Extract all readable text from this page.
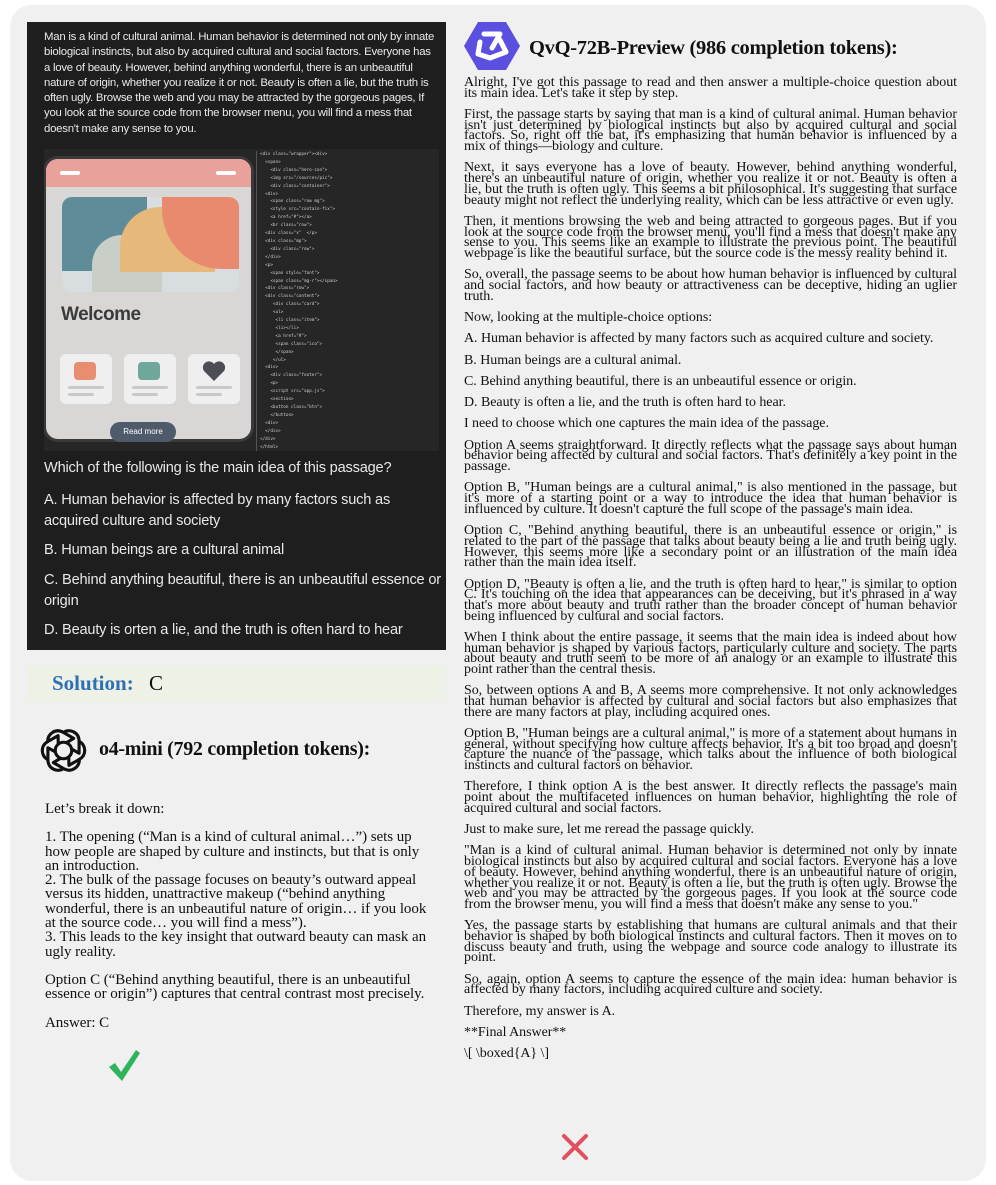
Man is a kind of cultural animal. Human behavior is determined not only by innate biological instincts, but also by acquired cultural and social factors. Everyone has a love of beauty. However, behind anything wonderful, there is an unbeautiful nature of origin, whether you realize it or not. Beauty is often a lie, but the truth is often ugly. Browse the web and you may be attracted by the gorgeous pages, If you look at the source code from the browser menu, you will find a mess that doesn't make any sense to you.

Welcome
Read more
<div class="wrapper"><div>
<span>
<div class="hero-con">
<img src="/sources/pic">
<div class="container">
<div>
<span class="row mg">
<style src="contain-fix">
<a href="#"></a>
<br class="row">
<div class="x"  </p>
<div class="mp">
<div class="row">
</div>
<p>
<span style="font">
<span class="mg-r"></span>
<div class="row">
<div class="content">
<div class="card">
<ul>
<li class="item">
<li></li>
<a href="#">
<span class="ico">
</span>
</ul>
<div>
<div class="footer">
<p>
<script src="app.js">
<section>
<button class="btn">
</button>
<div>
</div>
</div>
</html>
Which of the following is the main idea of this passage?
A. Human behavior is affected by many factors such as acquired culture and society
B. Human beings are a cultural animal
C. Behind anything beautiful, there is an unbeautiful essence or origin
D. Beauty is orten a lie, and the truth is often hard to hear
Solution: C
o4-mini (792 completion tokens):

Let’s break it down:

1. The opening (“Man is a kind of cultural animal…”) sets up how people are shaped by culture and instincts, but that is only an introduction.

2. The bulk of the passage focuses on beauty’s outward appeal versus its hidden, unattractive makeup (“behind anything wonderful, there is an unbeautiful nature of origin… if you look at the source code… you will find a mess”).

3. This leads to the key insight that outward beauty can mask an ugly reality.

Option C (“Behind anything beautiful, there is an unbeautiful essence or origin”) captures that central contrast most precisely.

Answer: C

QvQ-72B-Preview (986 completion tokens):

Alright, I've got this passage to read and then answer a multiple-choice question about its main idea. Let's take it step by step.

First, the passage starts by saying that man is a kind of cultural animal. Human behavior isn't just determined by biological instincts but also by acquired cultural and social factors. So, right off the bat, it's emphasizing that human behavior is influenced by a mix of things—biology and culture.

Next, it says everyone has a love of beauty. However, behind anything wonderful, there's an unbeautiful nature of origin, whether you realize it or not. Beauty is often a lie, but the truth is often ugly. This seems a bit philosophical. It's suggesting that surface beauty might not reflect the underlying reality, which can be less attractive or even ugly.

Then, it mentions browsing the web and being attracted to gorgeous pages. But if you look at the source code from the browser menu, you'll find a mess that doesn't make any sense to you. This seems like an example to illustrate the previous point. The beautiful webpage is like the beautiful surface, but the source code is the messy reality behind it.

So, overall, the passage seems to be about how human behavior is influenced by cultural and social factors, and how beauty or attractiveness can be deceptive, hiding an uglier truth.

Now, looking at the multiple-choice options:

A. Human behavior is affected by many factors such as acquired culture and society.

B. Human beings are a cultural animal.

C. Behind anything beautiful, there is an unbeautiful essence or origin.

D. Beauty is often a lie, and the truth is often hard to hear.

I need to choose which one captures the main idea of the passage.

Option A seems straightforward. It directly reflects what the passage says about human behavior being affected by cultural and social factors. That's definitely a key point in the passage.

Option B, "Human beings are a cultural animal," is also mentioned in the passage, but it's more of a starting point or a way to introduce the idea that human behavior is influenced by culture. It doesn't capture the full scope of the passage's main idea.

Option C, "Behind anything beautiful, there is an unbeautiful essence or origin," is related to the part of the passage that talks about beauty being a lie and truth being ugly. However, this seems more like a secondary point or an illustration of the main idea rather than the main idea itself.

Option D, "Beauty is often a lie, and the truth is often hard to hear," is similar to option C. It's touching on the idea that appearances can be deceiving, but it's phrased in a way that's more about beauty and truth rather than the broader concept of human behavior being influenced by cultural and social factors.

When I think about the entire passage, it seems that the main idea is indeed about how human behavior is shaped by various factors, particularly culture and society. The parts about beauty and truth seem to be more of an analogy or an example to illustrate this point rather than the central thesis.

So, between options A and B, A seems more comprehensive. It not only acknowledges that human behavior is affected by cultural and social factors but also emphasizes that there are many factors at play, including acquired ones.

Option B, "Human beings are a cultural animal," is more of a statement about humans in general, without specifying how culture affects behavior. It's a bit too broad and doesn't capture the nuance of the passage, which talks about the influence of both biological instincts and cultural factors on behavior.

Therefore, I think option A is the best answer. It directly reflects the passage's main point about the multifaceted influences on human behavior, highlighting the role of acquired cultural and social factors.

Just to make sure, let me reread the passage quickly.

"Man is a kind of cultural animal. Human behavior is determined not only by innate biological instincts but also by acquired cultural and social factors. Everyone has a love of beauty. However, behind anything wonderful, there is an unbeautiful nature of origin, whether you realize it or not. Beauty is often a lie, but the truth is often ugly. Browse the web and you may be attracted by the gorgeous pages. If you look at the source code from the browser menu, you will find a mess that doesn't make any sense to you."

Yes, the passage starts by establishing that humans are cultural animals and that their behavior is shaped by both biological instincts and cultural factors. Then it moves on to discuss beauty and truth, using the webpage and source code analogy to illustrate its point.

So, again, option A seems to capture the essence of the main idea: human behavior is affected by many factors, including acquired culture and society.

Therefore, my answer is A.

**Final Answer**

\[ \boxed{A} \]
